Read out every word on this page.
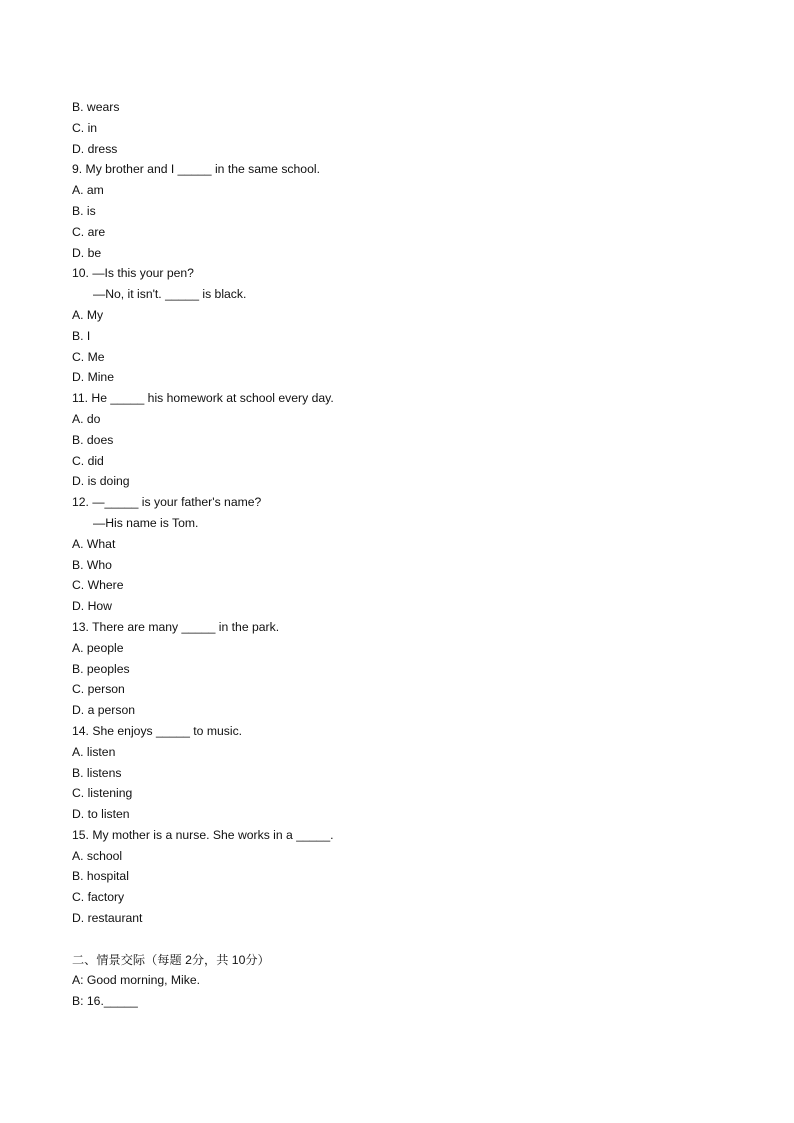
B. wears
C. in
D. dress
9. My brother and I _____ in the same school.
A. am
B. is
C. are
D. be
10. —Is this your pen?
—No, it isn't. _____ is black.
A. My
B. I
C. Me
D. Mine
11. He _____ his homework at school every day.
A. do
B. does
C. did
D. is doing
12. —_____ is your father's name?
—His name is Tom.
A. What
B. Who
C. Where
D. How
13. There are many _____ in the park.
A. people
B. peoples
C. person
D. a person
14. She enjoys _____ to music.
A. listen
B. listens
C. listening
D. to listen
15. My mother is a nurse. She works in a _____.
A. school
B. hospital
C. factory
D. restaurant
二、情景交际（每题 2分，共 10分）
A: Good morning, Mike.
B: 16._____
